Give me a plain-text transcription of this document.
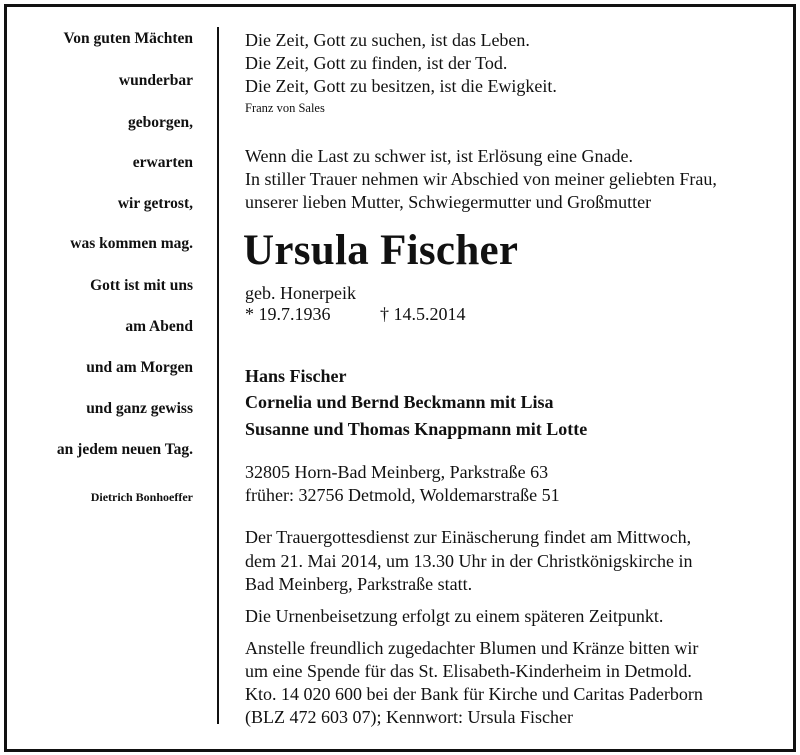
Von guten Mächten
wunderbar
geborgen,
erwarten
wir getrost,
was kommen mag.
Gott ist mit uns
am Abend
und am Morgen
und ganz gewiss
an jedem neuen Tag.
Dietrich Bonhoeffer
Die Zeit, Gott zu suchen, ist das Leben.
Die Zeit, Gott zu finden, ist der Tod.
Die Zeit, Gott zu besitzen, ist die Ewigkeit.
Franz von Sales
Wenn die Last zu schwer ist, ist Erlösung eine Gnade.
In stiller Trauer nehmen wir Abschied von meiner geliebten Frau,
unserer lieben Mutter, Schwiegermutter und Großmutter
Ursula Fischer
geb. Honerpeik
* 19.7.1936	† 14.5.2014
Hans Fischer
Cornelia und Bernd Beckmann mit Lisa
Susanne und Thomas Knappmann mit Lotte
32805 Horn-Bad Meinberg, Parkstraße 63
früher: 32756 Detmold, Woldemarstraße 51
Der Trauergottesdienst zur Einäscherung findet am Mittwoch,
dem 21. Mai 2014, um 13.30 Uhr in der Christkönigskirche in
Bad Meinberg, Parkstraße statt.
Die Urnenbeisetzung erfolgt zu einem späteren Zeitpunkt.
Anstelle freundlich zugedachter Blumen und Kränze bitten wir
um eine Spende für das St. Elisabeth-Kinderheim in Detmold.
Kto. 14 020 600 bei der Bank für Kirche und Caritas Paderborn
(BLZ 472 603 07); Kennwort: Ursula Fischer
